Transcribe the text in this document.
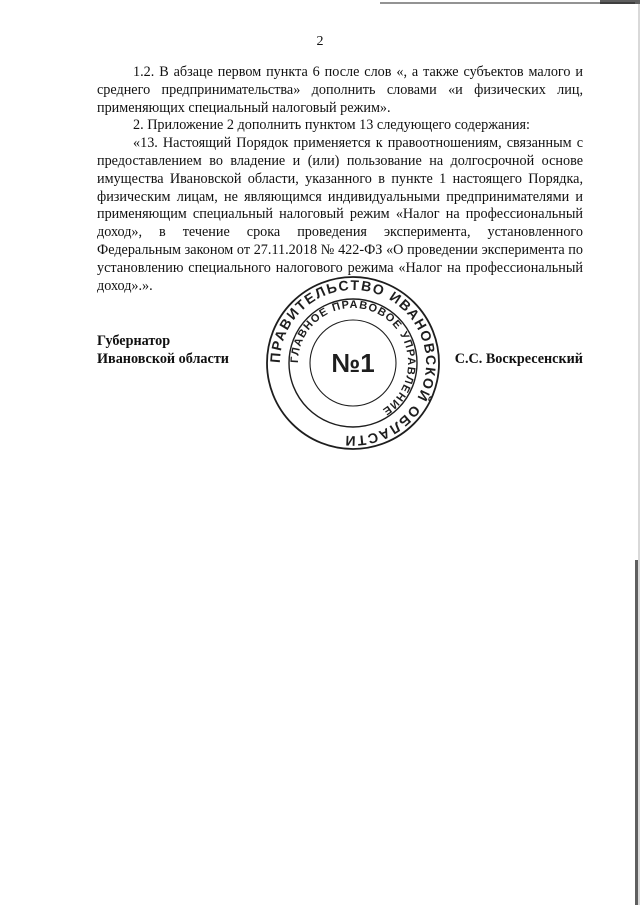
2

1.2. В абзаце первом пункта 6 после слов «, а также субъектов малого и среднего предпринимательства» дополнить словами «и физических лиц, применяющих специальный налоговый режим».

2. Приложение 2 дополнить пунктом 13 следующего содержания:

«13. Настоящий Порядок применяется к правоотношениям, связанным с предоставлением во владение и (или) пользование на долгосрочной основе имущества Ивановской области, указанного в пункте 1 настоящего Порядка, физическим лицам, не являющимся индивидуальными предпринимателями и применяющим специальный налоговый режим «Налог на профессиональный доход», в течение срока проведения эксперимента, установленного Федеральным законом от 27.11.2018 № 422-ФЗ «О проведении эксперимента по установлению специального налогового режима «Налог на профессиональный доход».».

Губернатор
Ивановской области	С.С. Воскресенский
ПРАВИТЕЛЬСТВО ИВАНОВСКОЙ ОБЛАСТИ
ГЛАВНОЕ ПРАВОВОЕ УПРАВЛЕНИЕ
№1
